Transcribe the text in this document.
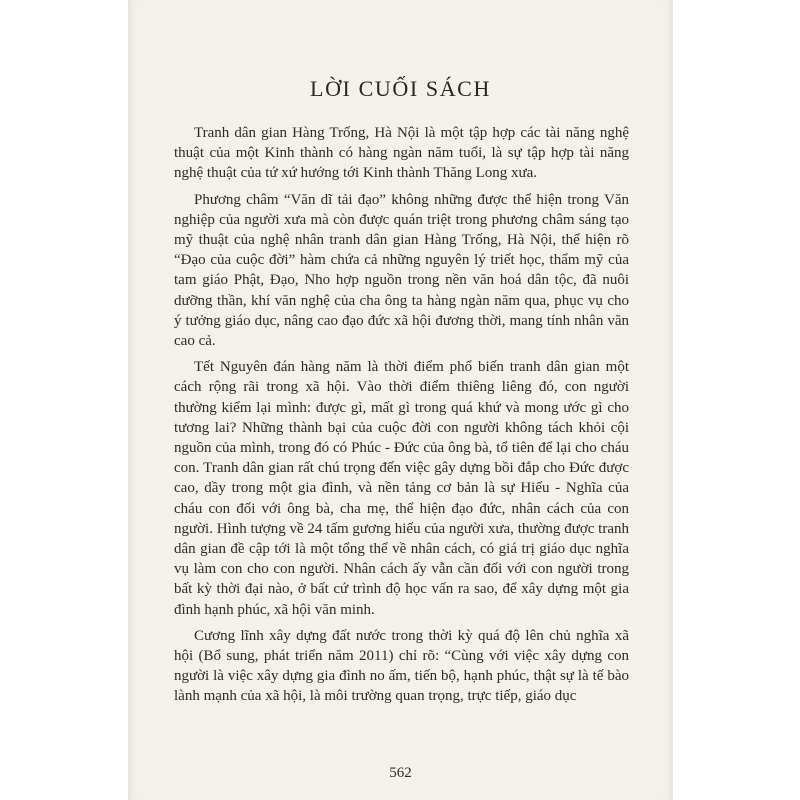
LỜI CUỐI SÁCH

Tranh dân gian Hàng Trống, Hà Nội là một tập hợp các tài năng nghệ thuật của một Kinh thành có hàng ngàn năm tuổi, là sự tập hợp tài năng nghệ thuật của tứ xứ hướng tới Kinh thành Thăng Long xưa.

Phương châm “Văn dĩ tải đạo” không những được thể hiện trong Văn nghiệp của người xưa mà còn được quán triệt trong phương châm sáng tạo mỹ thuật của nghệ nhân tranh dân gian Hàng Trống, Hà Nội, thể hiện rõ “Đạo của cuộc đời” hàm chứa cả những nguyên lý triết học, thẩm mỹ của tam giáo Phật, Đạo, Nho hợp nguồn trong nền văn hoá dân tộc, đã nuôi dưỡng thần, khí văn nghệ của cha ông ta hàng ngàn năm qua, phục vụ cho ý tưởng giáo dục, nâng cao đạo đức xã hội đương thời, mang tính nhân văn cao cả.

Tết Nguyên đán hàng năm là thời điểm phổ biến tranh dân gian một cách rộng rãi trong xã hội. Vào thời điểm thiêng liêng đó, con người thường kiểm lại mình: được gì, mất gì trong quá khứ và mong ước gì cho tương lai? Những thành bại của cuộc đời con người không tách khỏi cội nguồn của mình, trong đó có Phúc - Đức của ông bà, tổ tiên để lại cho cháu con. Tranh dân gian rất chú trọng đến việc gây dựng bồi đắp cho Đức được cao, dầy trong một gia đình, và nền tảng cơ bản là sự Hiếu - Nghĩa của cháu con đối với ông bà, cha mẹ, thể hiện đạo đức, nhân cách của con người. Hình tượng về 24 tấm gương hiếu của người xưa, thường được tranh dân gian đề cập tới là một tổng thể về nhân cách, có giá trị giáo dục nghĩa vụ làm con cho con người. Nhân cách ấy vẫn cần đối với con người trong bất kỳ thời đại nào, ở bất cứ trình độ học vấn ra sao, để xây dựng một gia đình hạnh phúc, xã hội văn minh.

Cương lĩnh xây dựng đất nước trong thời kỳ quá độ lên chủ nghĩa xã hội (Bổ sung, phát triển năm 2011) chỉ rõ: “Cùng với việc xây dựng con người là việc xây dựng gia đình no ấm, tiến bộ, hạnh phúc, thật sự là tế bào lành mạnh của xã hội, là môi trường quan trọng, trực tiếp, giáo dục

562
